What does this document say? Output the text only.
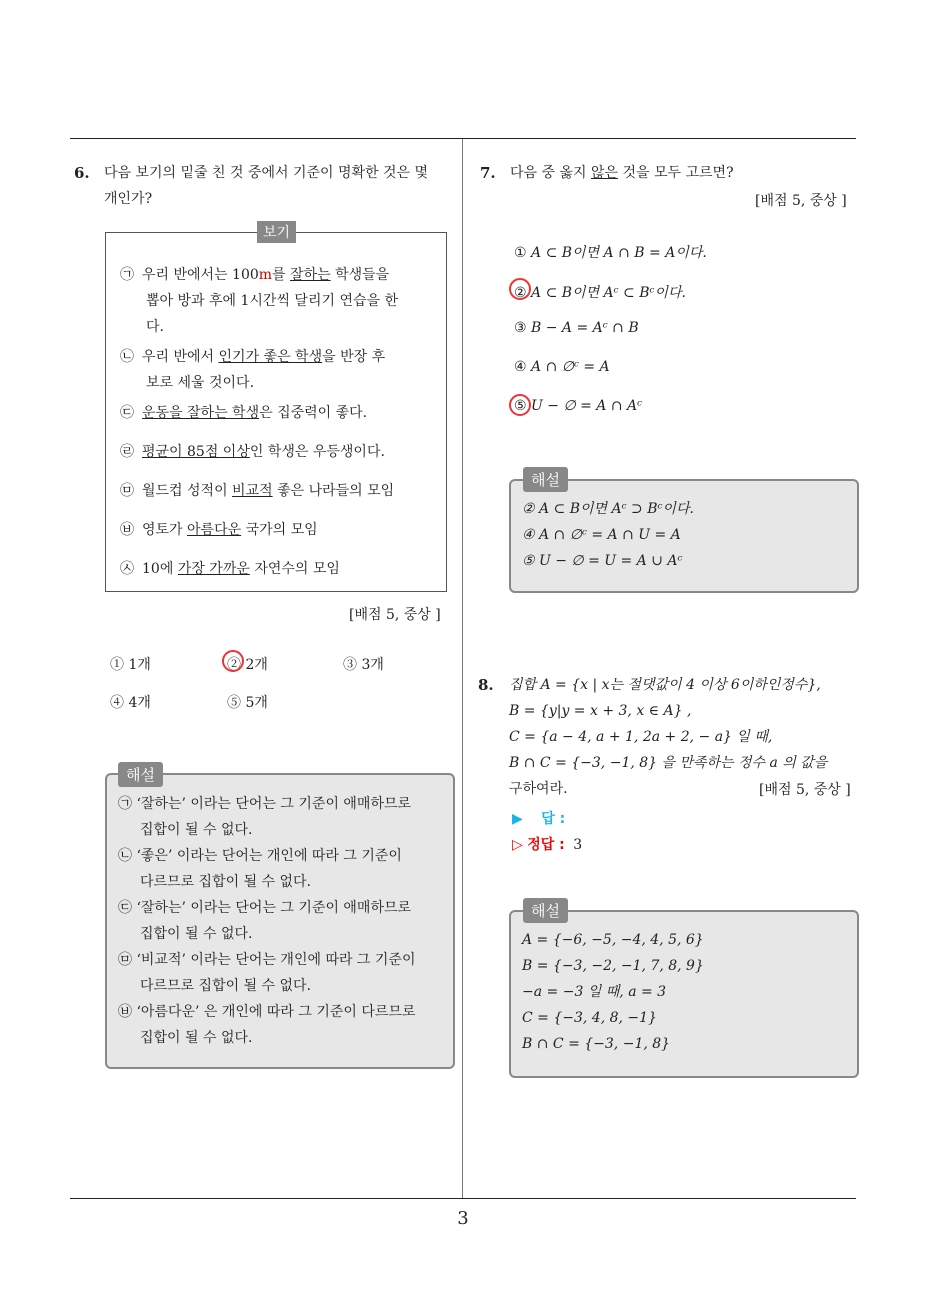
3
6. 다음 보기의 밑줄 친 것 중에서 기준이 명확한 것은 몇
개인가?
보기
㉠ 우리 반에서는 100m를 잘하는 학생들을
뽑아 방과 후에 1시간씩 달리기 연습을 한
다.
㉡ 우리 반에서 인기가 좋은 학생을 반장 후
보로 세울 것이다.
㉢ 운동을 잘하는 학생은 집중력이 좋다.
㉣ 평균이 85점 이상인 학생은 우등생이다.
㉤ 월드컵 성적이 비교적 좋은 나라들의 모임
㉥ 영토가 아름다운 국가의 모임
㉦ 10에 가장 가까운 자연수의 모임
[배점 5, 중상 ]
① 1개	② 2개	③ 3개
④ 4개	⑤ 5개
해설
㉠ ‘잘하는’ 이라는 단어는 그 기준이 애매하므로
집합이 될 수 없다.
㉡ ‘좋은’ 이라는 단어는 개인에 따라 그 기준이
다르므로 집합이 될 수 없다.
㉢ ‘잘하는’ 이라는 단어는 그 기준이 애매하므로
집합이 될 수 없다.
㉤ ‘비교적’ 이라는 단어는 개인에 따라 그 기준이
다르므로 집합이 될 수 없다.
㉥ ‘아름다운’ 은 개인에 따라 그 기준이 다르므로
집합이 될 수 없다.
7. 다음 중 옳지 않은 것을 모두 고르면?
[배점 5, 중상 ]
① A ⊂ B이면 A ∩ B = A이다.
② A ⊂ B이면 Aᶜ ⊂ Bᶜ이다.
③ B − A = Aᶜ ∩ B
④ A ∩ ∅ᶜ = A
⑤ U − ∅ = A ∩ Aᶜ
해설
② A ⊂ B이면 Aᶜ ⊃ Bᶜ이다.
④ A ∩ ∅ᶜ = A ∩ U = A
⑤ U − ∅ = U = A ∪ Aᶜ
8. 집합 A = {x | x는 절댓값이 4 이상 6이하인정수},
B = {y|y = x + 3, x ∈ A} ,
C = {a − 4, a + 1, 2a + 2, − a} 일 때,
B ∩ C = {−3, −1, 8} 을 만족하는 정수 a 의 값을
구하여라.	[배점 5, 중상 ]
▶ 답 :
▷ 정답 : 3
해설
A = {−6, −5, −4, 4, 5, 6}
B = {−3, −2, −1, 7, 8, 9}
−a = −3 일 때, a = 3
C = {−3, 4, 8, −1}
B ∩ C = {−3, −1, 8}
